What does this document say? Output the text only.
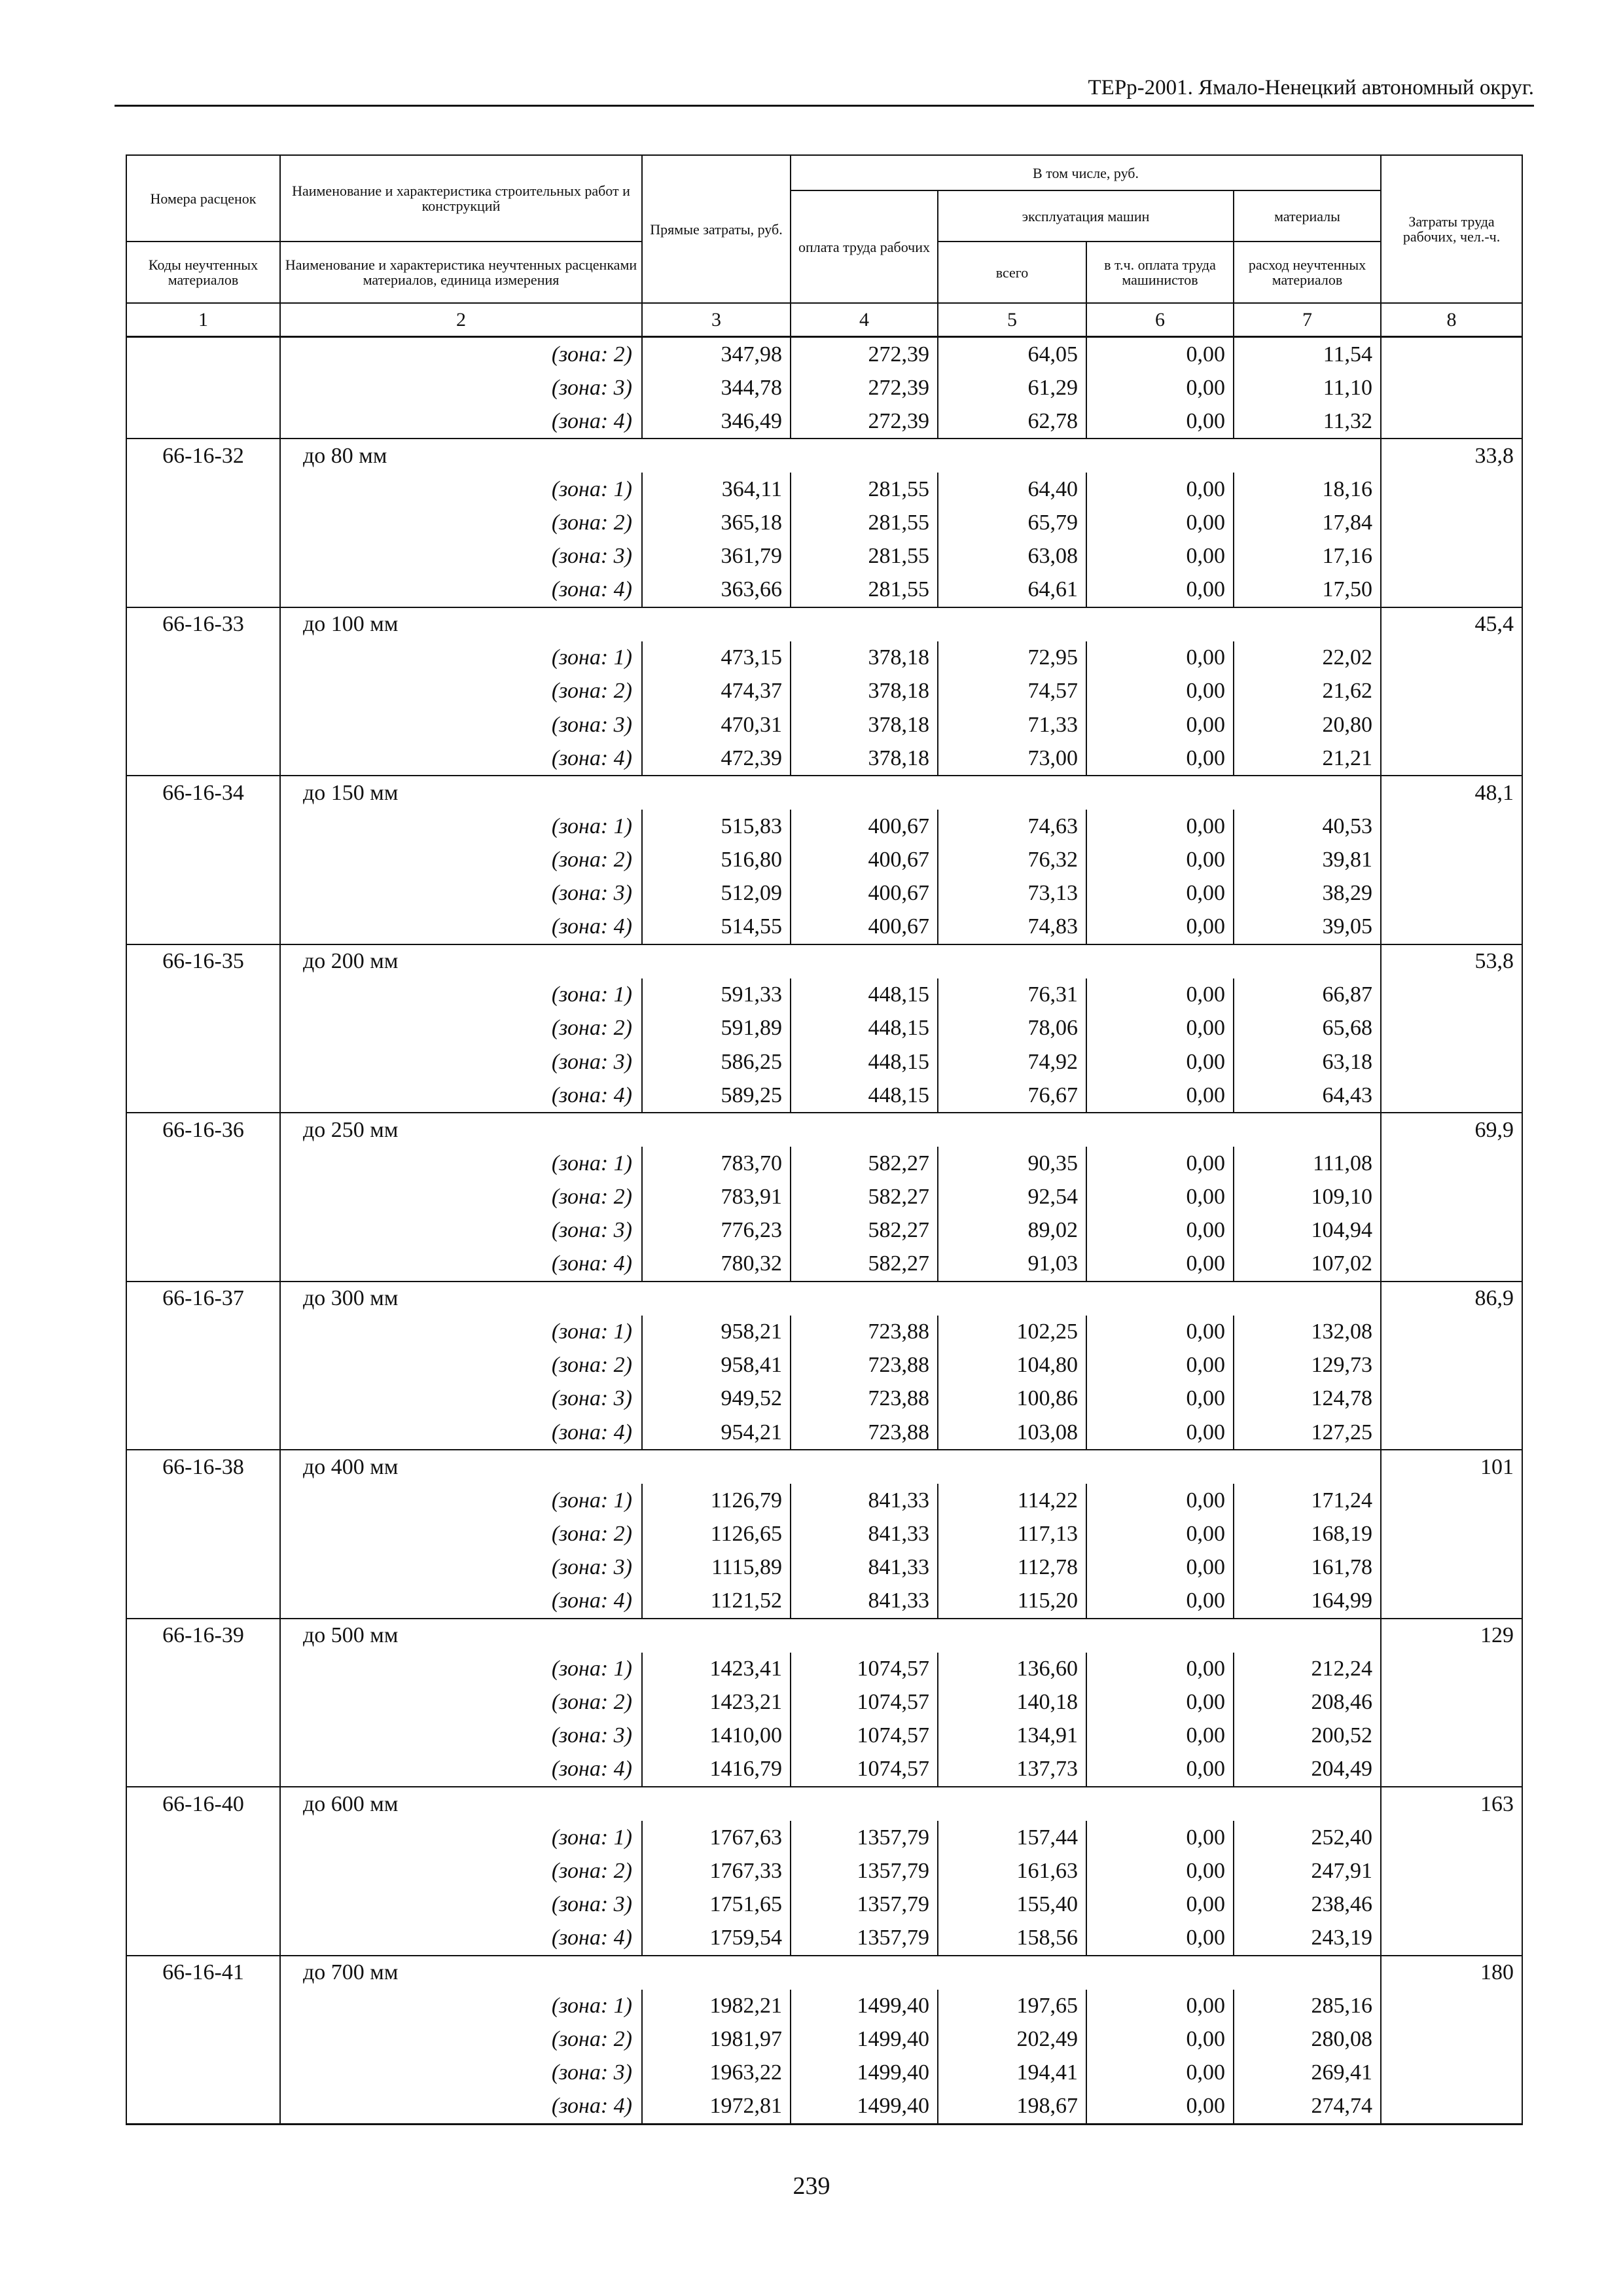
ТЕРр-2001. Ямало-Ненецкий автономный округ.
Номера расценок	Наименование и характеристика строительных работ и конструкций	Прямые затраты, руб.	В том числе, руб.				Затраты труда рабочих, чел.-ч.
			оплата труда рабочих	эксплуатация машин		материалы	
Коды неучтенных материалов	Наименование и характеристика неучтенных расценками материалов, единица измерения			всего	в т.ч. оплата труда машинистов	расход неучтенных материалов	
1	2	3	4	5	6	7	8
	(зона: 2)	347,98	272,39	64,05	0,00	11,54	
	(зона: 3)	344,78	272,39	61,29	0,00	11,10	
	(зона: 4)	346,49	272,39	62,78	0,00	11,32	
66-16-32	до 80 мм						33,8
	(зона: 1)	364,11	281,55	64,40	0,00	18,16	
	(зона: 2)	365,18	281,55	65,79	0,00	17,84	
	(зона: 3)	361,79	281,55	63,08	0,00	17,16	
	(зона: 4)	363,66	281,55	64,61	0,00	17,50	
66-16-33	до 100 мм						45,4
	(зона: 1)	473,15	378,18	72,95	0,00	22,02	
	(зона: 2)	474,37	378,18	74,57	0,00	21,62	
	(зона: 3)	470,31	378,18	71,33	0,00	20,80	
	(зона: 4)	472,39	378,18	73,00	0,00	21,21	
66-16-34	до 150 мм						48,1
	(зона: 1)	515,83	400,67	74,63	0,00	40,53	
	(зона: 2)	516,80	400,67	76,32	0,00	39,81	
	(зона: 3)	512,09	400,67	73,13	0,00	38,29	
	(зона: 4)	514,55	400,67	74,83	0,00	39,05	
66-16-35	до 200 мм						53,8
	(зона: 1)	591,33	448,15	76,31	0,00	66,87	
	(зона: 2)	591,89	448,15	78,06	0,00	65,68	
	(зона: 3)	586,25	448,15	74,92	0,00	63,18	
	(зона: 4)	589,25	448,15	76,67	0,00	64,43	
66-16-36	до 250 мм						69,9
	(зона: 1)	783,70	582,27	90,35	0,00	111,08	
	(зона: 2)	783,91	582,27	92,54	0,00	109,10	
	(зона: 3)	776,23	582,27	89,02	0,00	104,94	
	(зона: 4)	780,32	582,27	91,03	0,00	107,02	
66-16-37	до 300 мм						86,9
	(зона: 1)	958,21	723,88	102,25	0,00	132,08	
	(зона: 2)	958,41	723,88	104,80	0,00	129,73	
	(зона: 3)	949,52	723,88	100,86	0,00	124,78	
	(зона: 4)	954,21	723,88	103,08	0,00	127,25	
66-16-38	до 400 мм						101
	(зона: 1)	1126,79	841,33	114,22	0,00	171,24	
	(зона: 2)	1126,65	841,33	117,13	0,00	168,19	
	(зона: 3)	1115,89	841,33	112,78	0,00	161,78	
	(зона: 4)	1121,52	841,33	115,20	0,00	164,99	
66-16-39	до 500 мм						129
	(зона: 1)	1423,41	1074,57	136,60	0,00	212,24	
	(зона: 2)	1423,21	1074,57	140,18	0,00	208,46	
	(зона: 3)	1410,00	1074,57	134,91	0,00	200,52	
	(зона: 4)	1416,79	1074,57	137,73	0,00	204,49	
66-16-40	до 600 мм						163
	(зона: 1)	1767,63	1357,79	157,44	0,00	252,40	
	(зона: 2)	1767,33	1357,79	161,63	0,00	247,91	
	(зона: 3)	1751,65	1357,79	155,40	0,00	238,46	
	(зона: 4)	1759,54	1357,79	158,56	0,00	243,19	
66-16-41	до 700 мм						180
	(зона: 1)	1982,21	1499,40	197,65	0,00	285,16	
	(зона: 2)	1981,97	1499,40	202,49	0,00	280,08	
	(зона: 3)	1963,22	1499,40	194,41	0,00	269,41	
	(зона: 4)	1972,81	1499,40	198,67	0,00	274,74	
239
